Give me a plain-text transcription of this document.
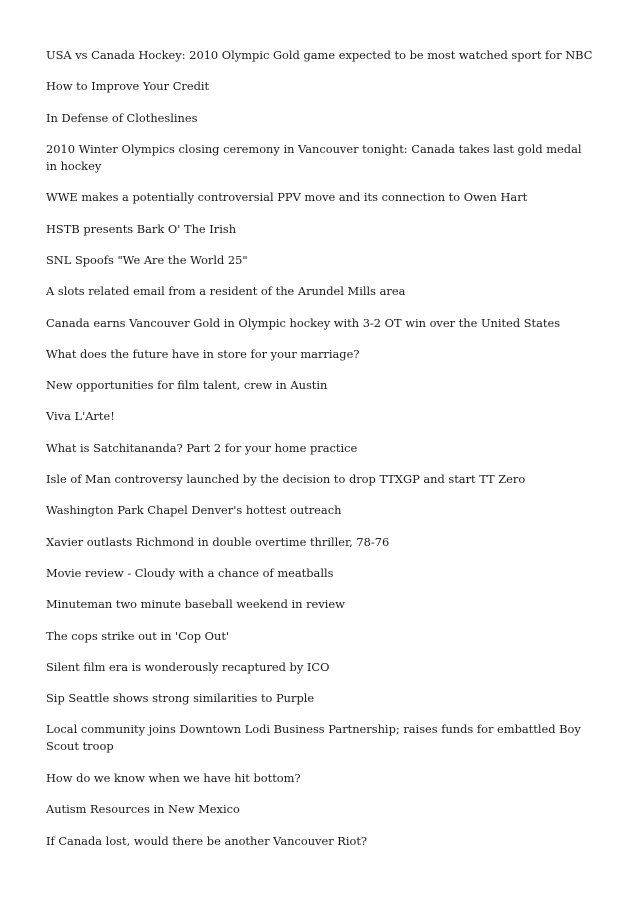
USA vs Canada Hockey: 2010 Olympic Gold game expected to be most watched sport for NBC
How to Improve Your Credit
In Defense of Clotheslines
2010 Winter Olympics closing ceremony in Vancouver tonight: Canada takes last gold medal in hockey
WWE makes a potentially controversial PPV move and its connection to Owen Hart
HSTB presents Bark O' The Irish
SNL Spoofs "We Are the World 25"
A slots related email from a resident of the Arundel Mills area
Canada earns Vancouver Gold in Olympic hockey with 3-2 OT win over the United States
What does the future have in store for your marriage?
New opportunities for film talent, crew in Austin
Viva L'Arte!
What is Satchitananda? Part 2 for your home practice
Isle of Man controversy launched by the decision to drop TTXGP and start TT Zero
Washington Park Chapel Denver's hottest outreach
Xavier outlasts Richmond in double overtime thriller, 78-76
Movie review - Cloudy with a chance of meatballs
Minuteman two minute baseball weekend in review
The cops strike out in 'Cop Out'
Silent film era is wonderously recaptured by ICO
Sip Seattle shows strong similarities to Purple
Local community joins Downtown Lodi Business Partnership; raises funds for embattled Boy Scout troop
How do we know when we have hit bottom?
Autism Resources in New Mexico
If Canada lost, would there be another Vancouver Riot?
